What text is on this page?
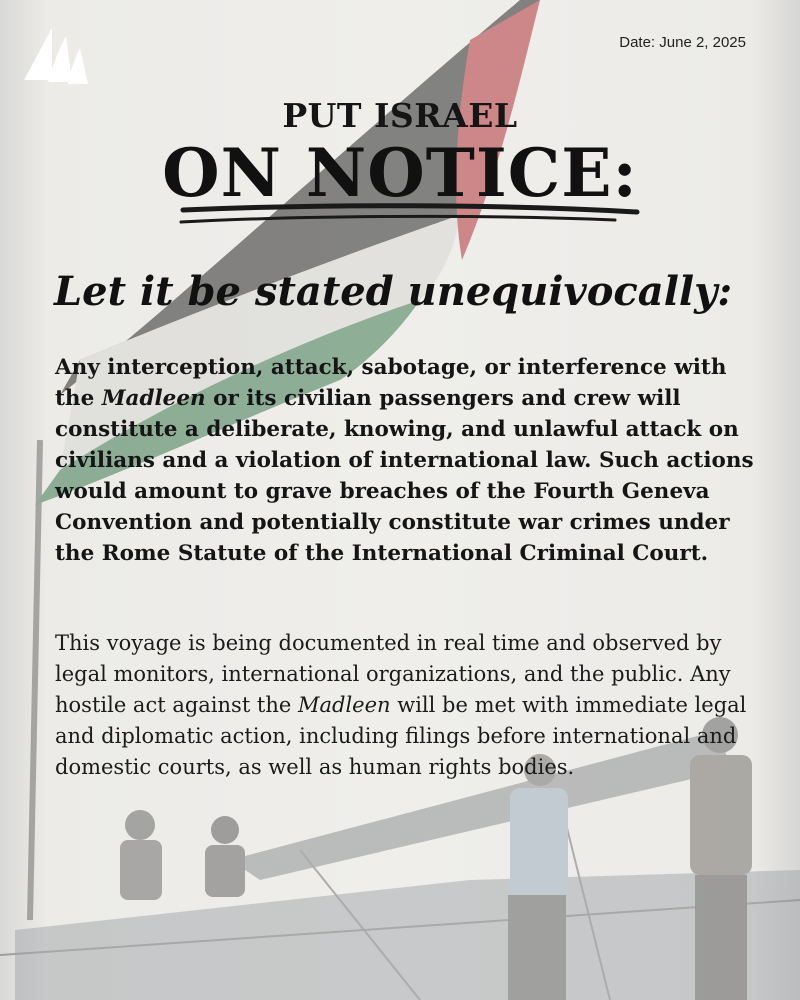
Date: June 2, 2025
PUT ISRAEL
ON NOTICE:
Let it be stated unequivocally:
Any interception, attack, sabotage, or interference with the Madleen or its civilian passengers and crew will constitute a deliberate, knowing, and unlawful attack on civilians and a violation of international law. Such actions would amount to grave breaches of the Fourth Geneva Convention and potentially constitute war crimes under the Rome Statute of the International Criminal Court.
This voyage is being documented in real time and observed by legal monitors, international organizations, and the public. Any hostile act against the Madleen will be met with immediate legal and diplomatic action, including filings before international and domestic courts, as well as human rights bodies.
